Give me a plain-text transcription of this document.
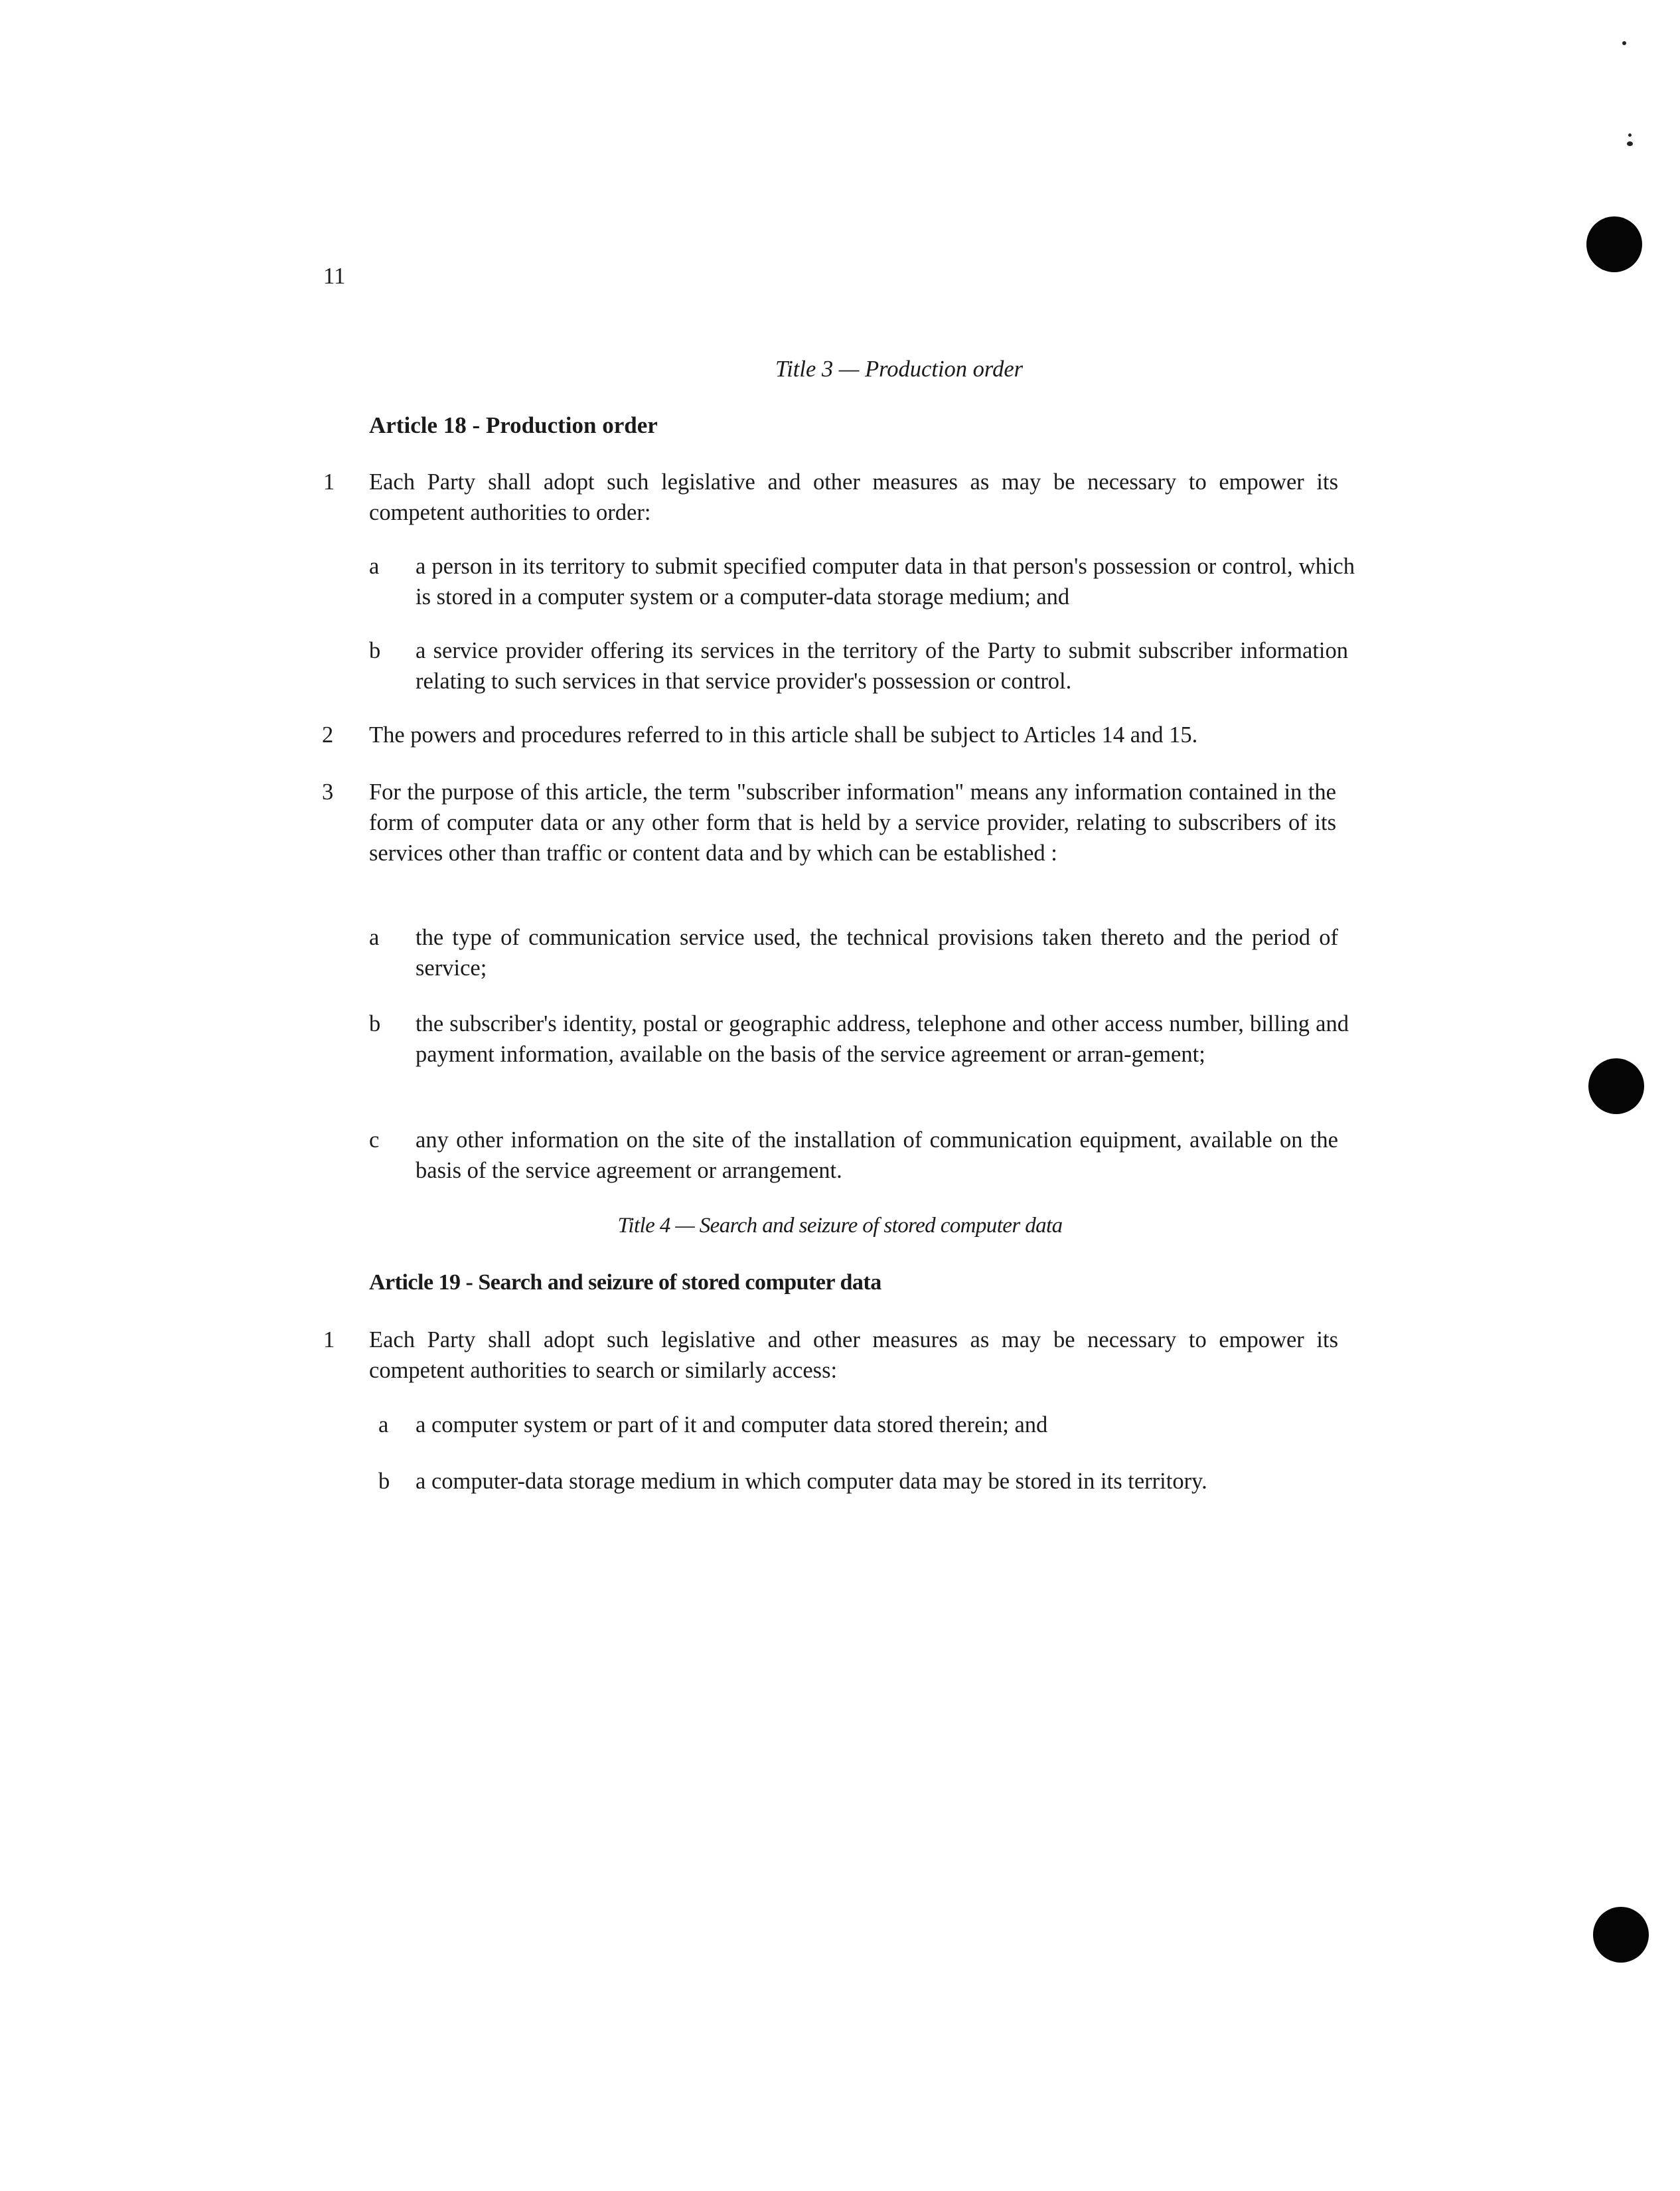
11
Title 3 — Production order
Article 18 - Production order
1	Each Party shall adopt such legislative and other measures as may be necessary to empower its competent authorities to order:
a	a person in its territory to submit specified computer data in that person's possession or control, which is stored in a computer system or a computer-data storage medium; and
b	a service provider offering its services in the territory of the Party to submit subscriber information relating to such services in that service provider's possession or control.
2	The powers and procedures referred to in this article shall be subject to Articles 14 and 15.
3	For the purpose of this article, the term "subscriber information" means any information contained in the form of computer data or any other form that is held by a service provider, relating to subscribers of its services other than traffic or content data and by which can be established :
a	the type of communication service used, the technical provisions taken thereto and the period of service;
b	the subscriber's identity, postal or geographic address, telephone and other access number, billing and payment information, available on the basis of the service agreement or arran-gement;
c	any other information on the site of the installation of communication equipment, available on the basis of the service agreement or arrangement.
Title 4 — Search and seizure of stored computer data
Article 19 - Search and seizure of stored computer data
1	Each Party shall adopt such legislative and other measures as may be necessary to empower its competent authorities to search or similarly access:
a	a computer system or part of it and computer data stored therein; and
b	a computer-data storage medium in which computer data may be stored in its territory.
